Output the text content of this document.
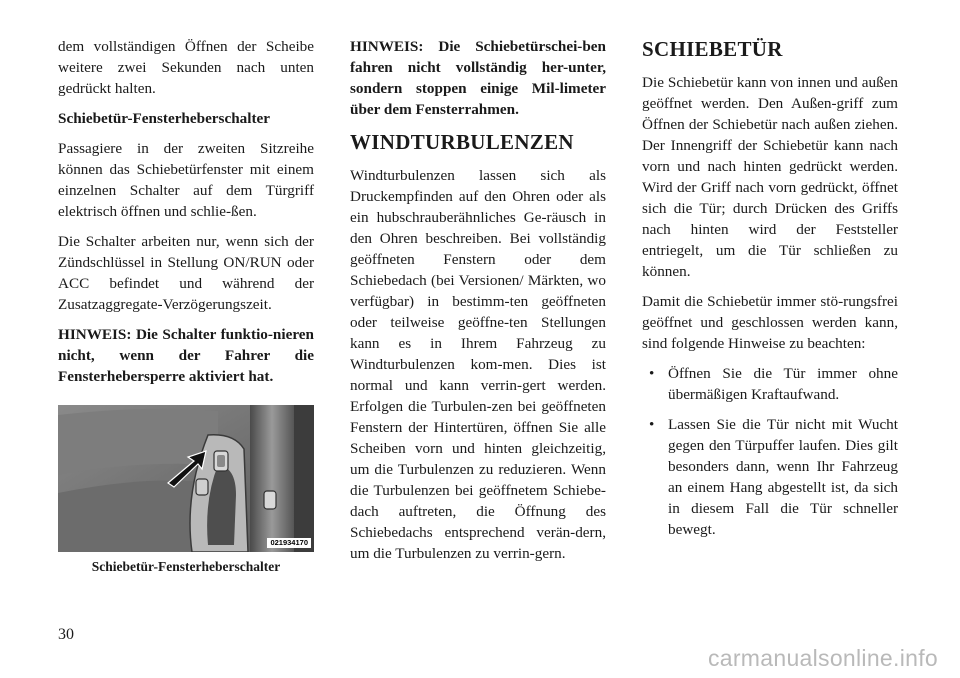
dem vollständigen Öffnen der Scheibe weitere zwei Sekunden nach unten gedrückt halten.

Schiebetür-Fensterheberschalter

Passagiere in der zweiten Sitzreihe können das Schiebetürfenster mit einem einzelnen Schalter auf dem Türgriff elektrisch öffnen und schlie-ßen.

Die Schalter arbeiten nur, wenn sich der Zündschlüssel in Stellung ON/RUN oder ACC befindet und während der Zusatzaggregate-Verzögerungszeit.

HINWEIS: Die Schalter funktio-nieren nicht, wenn der Fahrer die Fensterhebersperre aktiviert hat.

021934170
Schiebetür-Fensterheberschalter

HINWEIS: Die Schiebetürschei-ben fahren nicht vollständig her-unter, sondern stoppen einige Mil-limeter über dem Fensterrahmen.

WINDTURBULENZEN

Windturbulenzen lassen sich als Druckempfinden auf den Ohren oder als ein hubschrauberähnliches Ge-räusch in den Ohren beschreiben. Bei vollständig geöffneten Fenstern oder dem Schiebedach (bei Versionen/ Märkten, wo verfügbar) in bestimm-ten geöffneten oder teilweise geöffne-ten Stellungen kann es in Ihrem Fahrzeug zu Windturbulenzen kom-men. Dies ist normal und kann verrin-gert werden. Erfolgen die Turbulen-zen bei geöffneten Fenstern der Hintertüren, öffnen Sie alle Scheiben vorn und hinten gleichzeitig, um die Turbulenzen zu reduzieren. Wenn die Turbulenzen bei geöffnetem Schiebe-dach auftreten, die Öffnung des Schiebedachs entsprechend verän-dern, um die Turbulenzen zu verrin-gern.

SCHIEBETÜR

Die Schiebetür kann von innen und außen geöffnet werden. Den Außen-griff zum Öffnen der Schiebetür nach außen ziehen. Der Innengriff der Schiebetür kann nach vorn und nach hinten gedrückt werden. Wird der Griff nach vorn gedrückt, öffnet sich die Tür; durch Drücken des Griffs nach hinten wird der Feststeller entriegelt, um die Tür schließen zu können.

Damit die Schiebetür immer stö-rungsfrei geöffnet und geschlossen werden kann, sind folgende Hinweise zu beachten:

• Öffnen Sie die Tür immer ohne übermäßigen Kraftaufwand.
• Lassen Sie die Tür nicht mit Wucht gegen den Türpuffer laufen. Dies gilt besonders dann, wenn Ihr Fahrzeug an einem Hang abgestellt ist, da sich in diesem Fall die Tür schneller bewegt.
30
carmanualsonline.info
